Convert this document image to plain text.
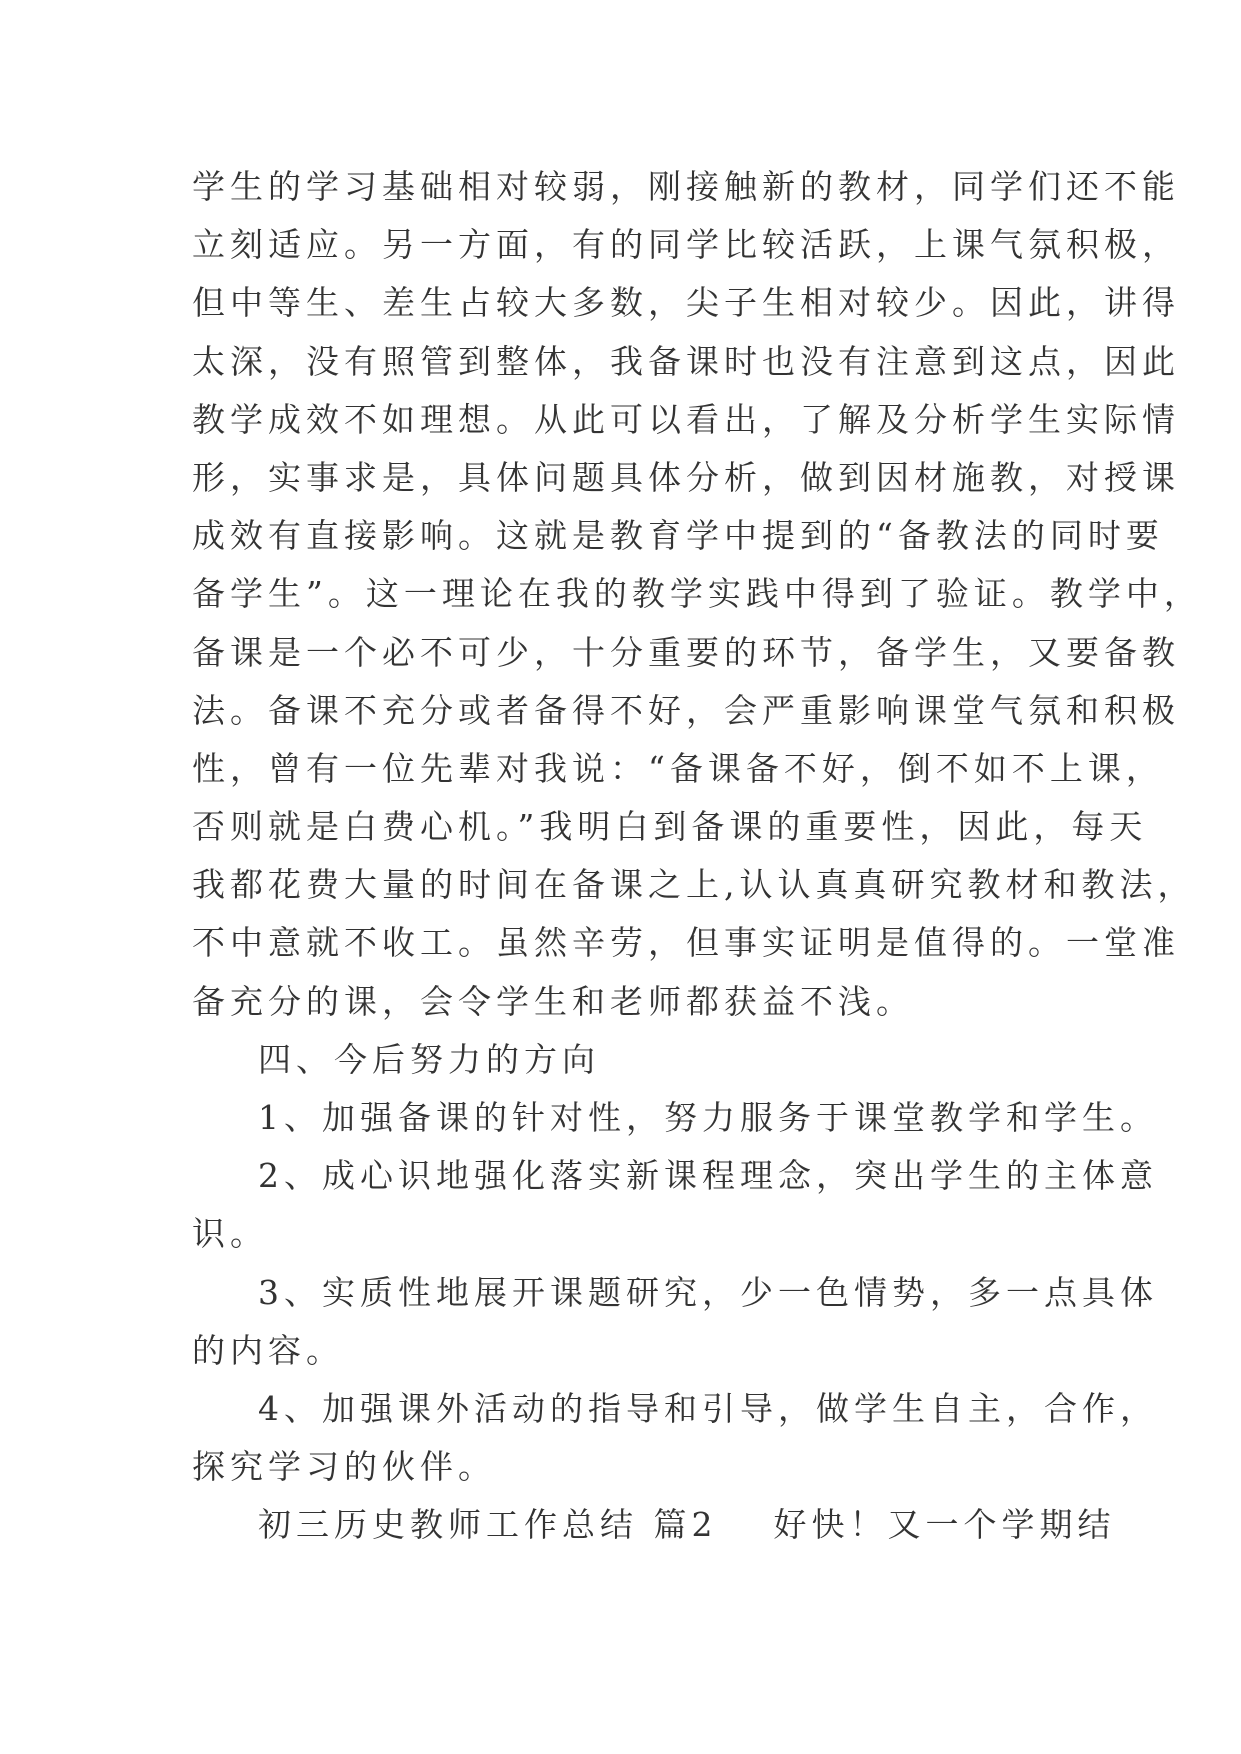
学生的学习基础相对较弱，刚接触新的教材，同学们还不能
立刻适应。另一方面，有的同学比较活跃，上课气氛积极，
但中等生、差生占较大多数，尖子生相对较少。因此，讲得
太深，没有照管到整体，我备课时也没有注意到这点，因此
教学成效不如理想。从此可以看出，了解及分析学生实际情
形，实事求是，具体问题具体分析，做到因材施教，对授课
成效有直接影响。这就是教育学中提到的“备教法的同时要
备学生”。这一理论在我的教学实践中得到了验证。教学中，
备课是一个必不可少，十分重要的环节，备学生，又要备教
法。备课不充分或者备得不好，会严重影响课堂气氛和积极
性，曾有一位先辈对我说：“备课备不好，倒不如不上课，
否则就是白费心机。”我明白到备课的重要性，因此，每天
我都花费大量的时间在备课之上,认认真真研究教材和教法，
不中意就不收工。虽然辛劳，但事实证明是值得的。一堂准
备充分的课，会令学生和老师都获益不浅。
四、今后努力的方向
1、加强备课的针对性，努力服务于课堂教学和学生。
2、成心识地强化落实新课程理念，突出学生的主体意
识。
3、实质性地展开课题研究，少一色情势，多一点具体
的内容。
4、加强课外活动的指导和引导，做学生自主，合作，
探究学习的伙伴。
初三历史教师工作总结 篇2 好快！又一个学期结
